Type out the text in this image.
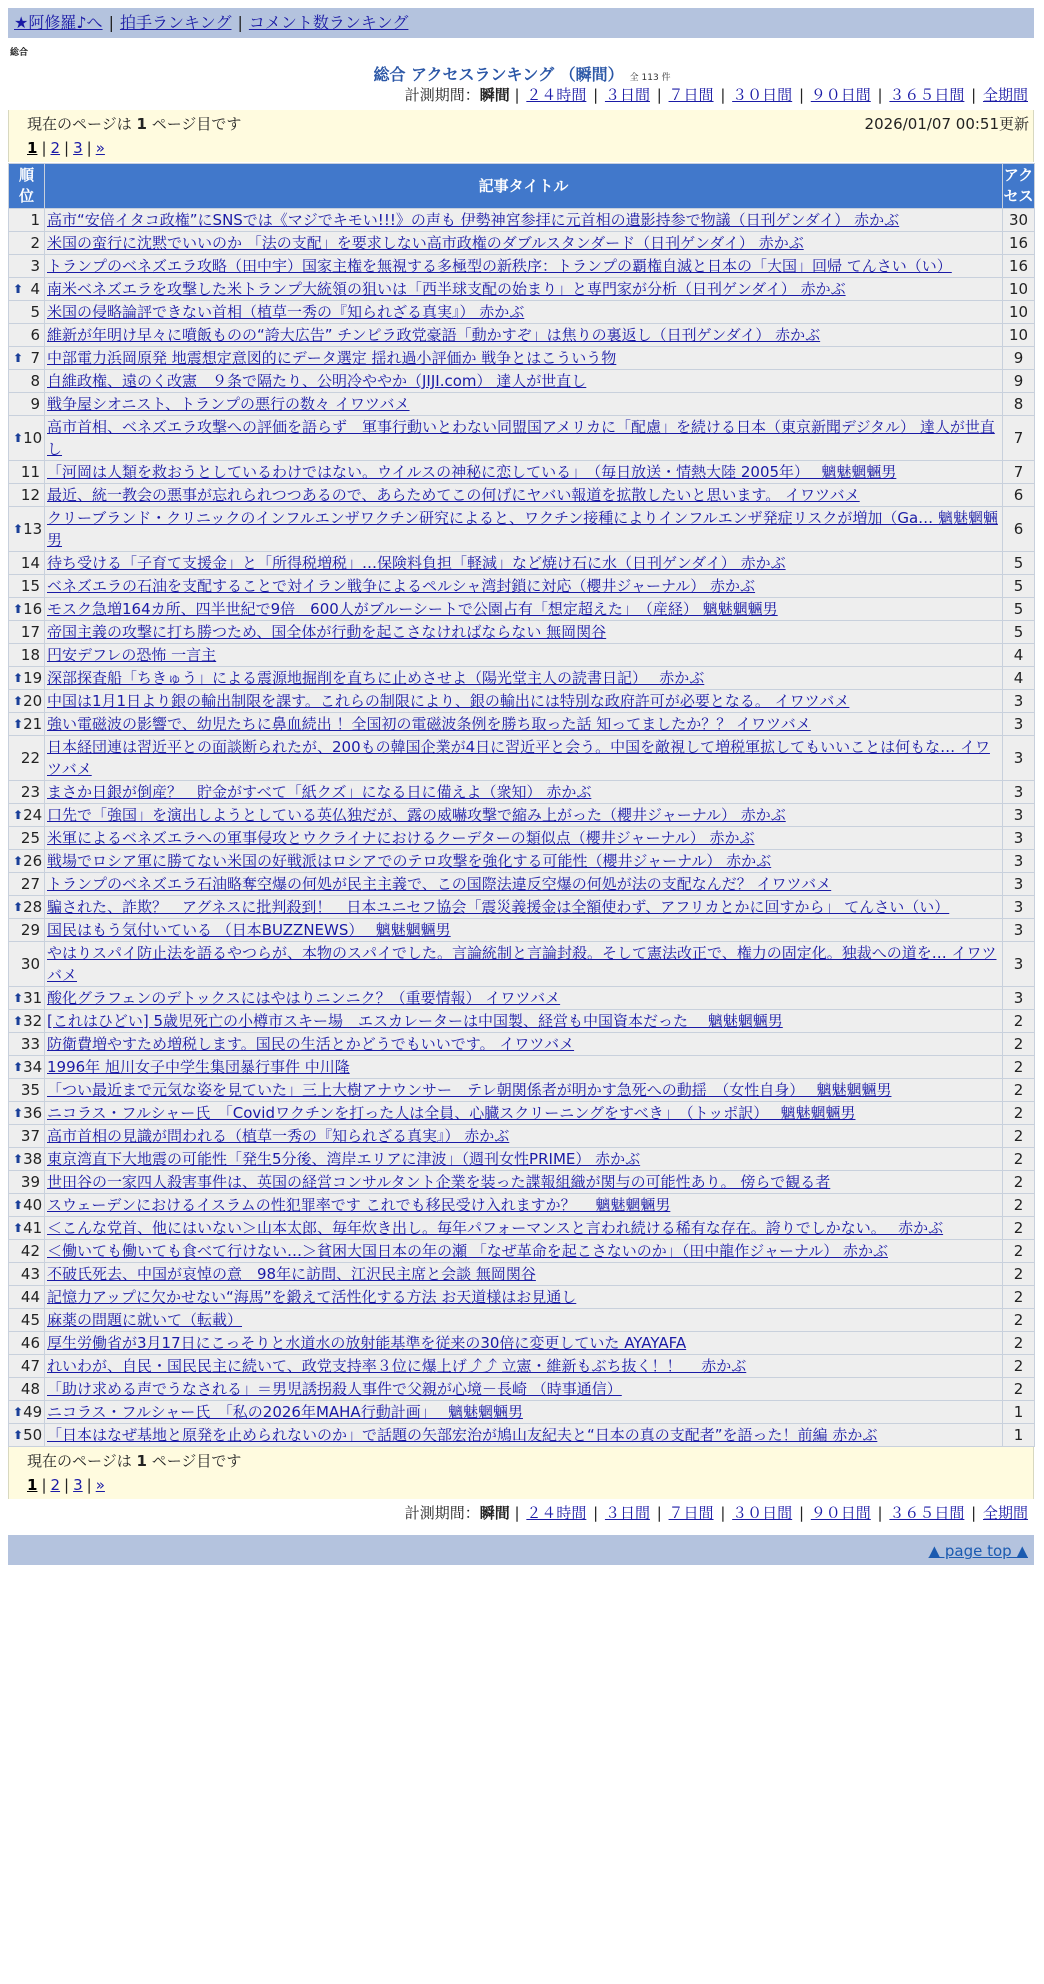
★阿修羅♪へ | 拍手ランキング | コメント数ランキング
総合
総合 アクセスランキング （瞬間） 全 113 件
計測期間：瞬間 | ２４時間 | ３日間 | ７日間 | ３０日間 | ９０日間 | ３６５日間 | 全期間
現在のページは 1 ページ目です	2026/01/07 00:51更新
1 | 2 | 3 | »
順
位	記事タイトル	アク
セス
1	高市“安倍イタコ政権”にSNSでは《マジでキモい!!!》の声も 伊勢神宮参拝に元首相の遺影持参で物議（日刊ゲンダイ） 赤かぶ	30
2	米国の蛮行に沈黙でいいのか 「法の支配」を要求しない高市政権のダブルスタンダード（日刊ゲンダイ） 赤かぶ	16
3	トランプのベネズエラ攻略（田中宇）国家主権を無視する多極型の新秩序：トランプの覇権自滅と日本の「大国」回帰 てんさい（い）	16

⬆ 4	南米ベネズエラを攻撃した米トランプ大統領の狙いは「西半球支配の始まり」と専門家が分析（日刊ゲンダイ） 赤かぶ	10
5	米国の侵略論評できない首相（植草一秀の『知られざる真実』） 赤かぶ	10
6	維新が年明け早々に噴飯ものの“誇大広告” チンピラ政党豪語「動かすぞ」は焦りの裏返し（日刊ゲンダイ） 赤かぶ	10

⬆ 7	中部電力浜岡原発 地震想定意図的にデータ選定 揺れ過小評価か 戦争とはこういう物	9
8	自維政権、遠のく改憲　９条で隔たり、公明冷ややか（JIJI.com） 達人が世直し	9
9	戦争屋シオニスト、トランプの悪行の数々 イワツバメ	8

⬆ 10	高市首相、ベネズエラ攻撃への評価を語らず　軍事行動いとわない同盟国アメリカに「配慮」を続ける日本（東京新聞デジタル） 達人が世直し	7
11	「河岡は人類を救おうとしているわけではない。ウイルスの神秘に恋している」　（毎日放送・情熱大陸 2005年）　 魑魅魍魎男	7
12	最近、統一教会の悪事が忘れられつつあるので、あらためてこの何げにヤバい報道を拡散したいと思います。 イワツバメ	6

⬆ 13	クリーブランド・クリニックのインフルエンザワクチン研究によると、ワクチン接種によりインフルエンザ発症リスクが増加（Ga… 魑魅魍魎男	6
14	待ち受ける「子育て支援金」と「所得税増税」…保険料負担「軽減」など焼け石に水（日刊ゲンダイ） 赤かぶ	5
15	ベネズエラの石油を支配することで対イラン戦争によるペルシャ湾封鎖に対応（櫻井ジャーナル） 赤かぶ	5

⬆ 16	モスク急増164カ所、四半世紀で9倍　600人がブルーシートで公園占有「想定超えた」　（産経） 魑魅魍魎男	5
17	帝国主義の攻撃に打ち勝つため、国全体が行動を起こさなければならない 無岡関谷	5
18	円安デフレの恐怖 一言主	4

⬆ 19	深部探査船「ちきゅう」による震源地掘削を直ちに止めさせよ（陽光堂主人の読書日記）　 赤かぶ	4

⬆ 20	中国は1月1日より銀の輸出制限を課す。これらの制限により、銀の輸出には特別な政府許可が必要となる。 イワツバメ	3

⬆ 21	強い電磁波の影響で、幼児たちに鼻血続出 ！全国初の電磁波条例を勝ち取った話 知ってましたか？？ イワツバメ	3
22	日本経団連は習近平との面談断られたが、200もの韓国企業が4日に習近平と会う。中国を敵視して増税軍拡してもいいことは何もな… イワツバメ	3
23	まさか日銀が倒産？　貯金がすべて「紙クズ」になる日に備えよ（衆知） 赤かぶ	3

⬆ 24	口先で「強国」を演出しようとしている英仏独だが、露の威嚇攻撃で縮み上がった（櫻井ジャーナル） 赤かぶ	3
25	米軍によるベネズエラへの軍事侵攻とウクライナにおけるクーデターの類似点（櫻井ジャーナル） 赤かぶ	3

⬆ 26	戦場でロシア軍に勝てない米国の好戦派はロシアでのテロ攻撃を強化する可能性（櫻井ジャーナル） 赤かぶ	3
27	トランプのベネズエラ石油略奪空爆の何処が民主主義で、この国際法違反空爆の何処が法の支配なんだ？ イワツバメ	3

⬆ 28	騙された、詐欺？　アグネスに批判殺到！　日本ユニセフ協会「震災義援金は全額使わず、アフリカとかに回すから」 てんさい（い）	3
29	国民はもう気付いている （日本BUZZNEWS）　 魑魅魍魎男	3
30	やはりスパイ防止法を語るやつらが、本物のスパイでした。言論統制と言論封殺。そして憲法改正で、権力の固定化。独裁への道を… イワツバメ	3

⬆ 31	酸化グラフェンのデトックスにはやはりニンニク？（重要情報） イワツバメ	3

⬆ 32	[これはひどい] 5歳児死亡の小樽市スキー場　エスカレーターは中国製、経営も中国資本だった　 魑魅魍魎男	2
33	防衛費増やすため増税します。国民の生活とかどうでもいいです。 イワツバメ	2

⬆ 34	1996年 旭川女子中学生集団暴行事件 中川隆	2
35	「つい最近まで元気な姿を見ていた」三上大樹アナウンサー　テレ朝関係者が明かす急死への動揺　（女性自身）　 魑魅魍魎男	2

⬆ 36	ニコラス・フルシャー氏　「Covidワクチンを打った人は全員、心臓スクリーニングをすべき」　（トッポ訳）　 魑魅魍魎男	2
37	高市首相の見識が問われる（植草一秀の『知られざる真実』） 赤かぶ	2

⬆ 38	東京湾直下大地震の可能性「発生5分後、湾岸エリアに津波」（週刊女性PRIME） 赤かぶ	2
39	世田谷の一家四人殺害事件は、英国の経営コンサルタント企業を装った諜報組織が関与の可能性あり。 傍らで観る者	2

⬆ 40	スウェーデンにおけるイスラムの性犯罪率です これでも移民受け入れますか？　 魑魅魍魎男	2

⬆ 41	＜こんな党首、他にはいない＞山本太郎、毎年炊き出し。毎年パフォーマンスと言われ続ける稀有な存在。誇りでしかない。　 赤かぶ	2
42	＜働いても働いても食べて行けない…＞貧困大国日本の年の瀬 「なぜ革命を起こさないのか」（田中龍作ジャーナル） 赤かぶ	2
43	不破氏死去、中国が哀悼の意　98年に訪問、江沢民主席と会談 無岡関谷	2
44	記憶力アップに欠かせない“海馬”を鍛えて活性化する方法 お天道様はお見通し	2
45	麻薬の問題に就いて（転載）	2
46	厚生労働省が3月17日にこっそりと水道水の放射能基準を従来の30倍に変更していた AYAYAFA	2
47	れいわが、自民・国民民主に続いて、政党支持率３位に爆上げ⤴⤴ 立憲・維新もぶち抜く！！　 赤かぶ	2
48	「助け求める声でうなされる」＝男児誘拐殺人事件で父親が心境－長崎 （時事通信）	2

⬆ 49	ニコラス・フルシャー氏　「私の2026年MAHA行動計画」　 魑魅魍魎男	1

⬆ 50	「日本はなぜ基地と原発を止められないのか」で話題の矢部宏治が鳩山友紀夫と“日本の真の支配者”を語った！前編 赤かぶ	1
現在のページは 1 ページ目です
1 | 2 | 3 | »
計測期間：瞬間 | ２４時間 | ３日間 | ７日間 | ３０日間 | ９０日間 | ３６５日間 | 全期間
▲ page top ▲
